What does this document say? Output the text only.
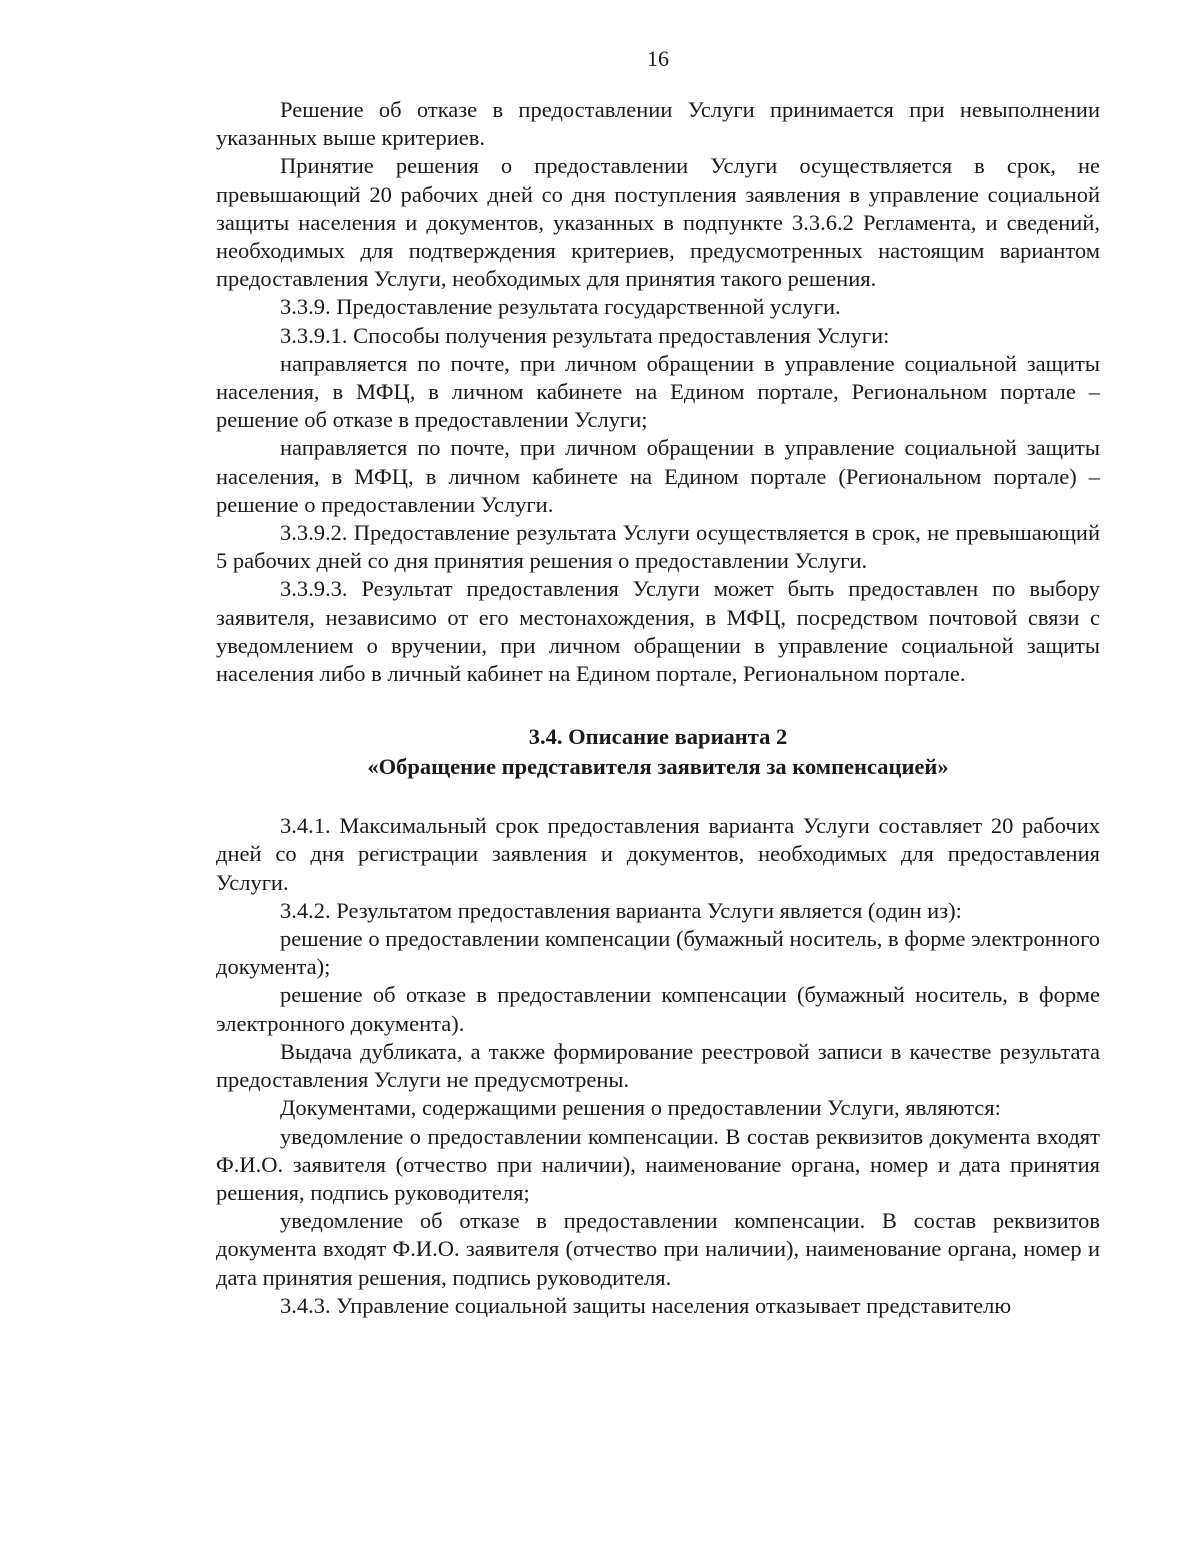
16

Решение об отказе в предоставлении Услуги принимается при невыполнении указанных выше критериев.

Принятие решения о предоставлении Услуги осуществляется в срок, не превышающий 20 рабочих дней со дня поступления заявления в управление социальной защиты населения и документов, указанных в подпункте 3.3.6.2 Регламента, и сведений, необходимых для подтверждения критериев, предусмотренных настоящим вариантом предоставления Услуги, необходимых для принятия такого решения.

3.3.9. Предоставление результата государственной услуги.

3.3.9.1. Способы получения результата предоставления Услуги:

направляется по почте, при личном обращении в управление социальной защиты населения, в МФЦ, в личном кабинете на Едином портале, Региональном портале – решение об отказе в предоставлении Услуги;

направляется по почте, при личном обращении в управление социальной защиты населения, в МФЦ, в личном кабинете на Едином портале (Региональном портале) – решение о предоставлении Услуги.

3.3.9.2. Предоставление результата Услуги осуществляется в срок, не превышающий 5 рабочих дней со дня принятия решения о предоставлении Услуги.

3.3.9.3. Результат предоставления Услуги может быть предоставлен по выбору заявителя, независимо от его местонахождения, в МФЦ, посредством почтовой связи с уведомлением о вручении, при личном обращении в управление социальной защиты населения либо в личный кабинет на Едином портале, Региональном портале.

3.4. Описание варианта 2
«Обращение представителя заявителя за компенсацией»

3.4.1. Максимальный срок предоставления варианта Услуги составляет 20 рабочих дней со дня регистрации заявления и документов, необходимых для предоставления Услуги.

3.4.2. Результатом предоставления варианта Услуги является (один из):

решение о предоставлении компенсации (бумажный носитель, в форме электронного документа);

решение об отказе в предоставлении компенсации (бумажный носитель, в форме электронного документа).

Выдача дубликата, а также формирование реестровой записи в качестве результата предоставления Услуги не предусмотрены.

Документами, содержащими решения о предоставлении Услуги, являются:

уведомление о предоставлении компенсации. В состав реквизитов документа входят Ф.И.О. заявителя (отчество при наличии), наименование органа, номер и дата принятия решения, подпись руководителя;

уведомление об отказе в предоставлении компенсации. В состав реквизитов документа входят Ф.И.О. заявителя (отчество при наличии), наименование органа, номер и дата принятия решения, подпись руководителя.

3.4.3. Управление социальной защиты населения отказывает представителю
